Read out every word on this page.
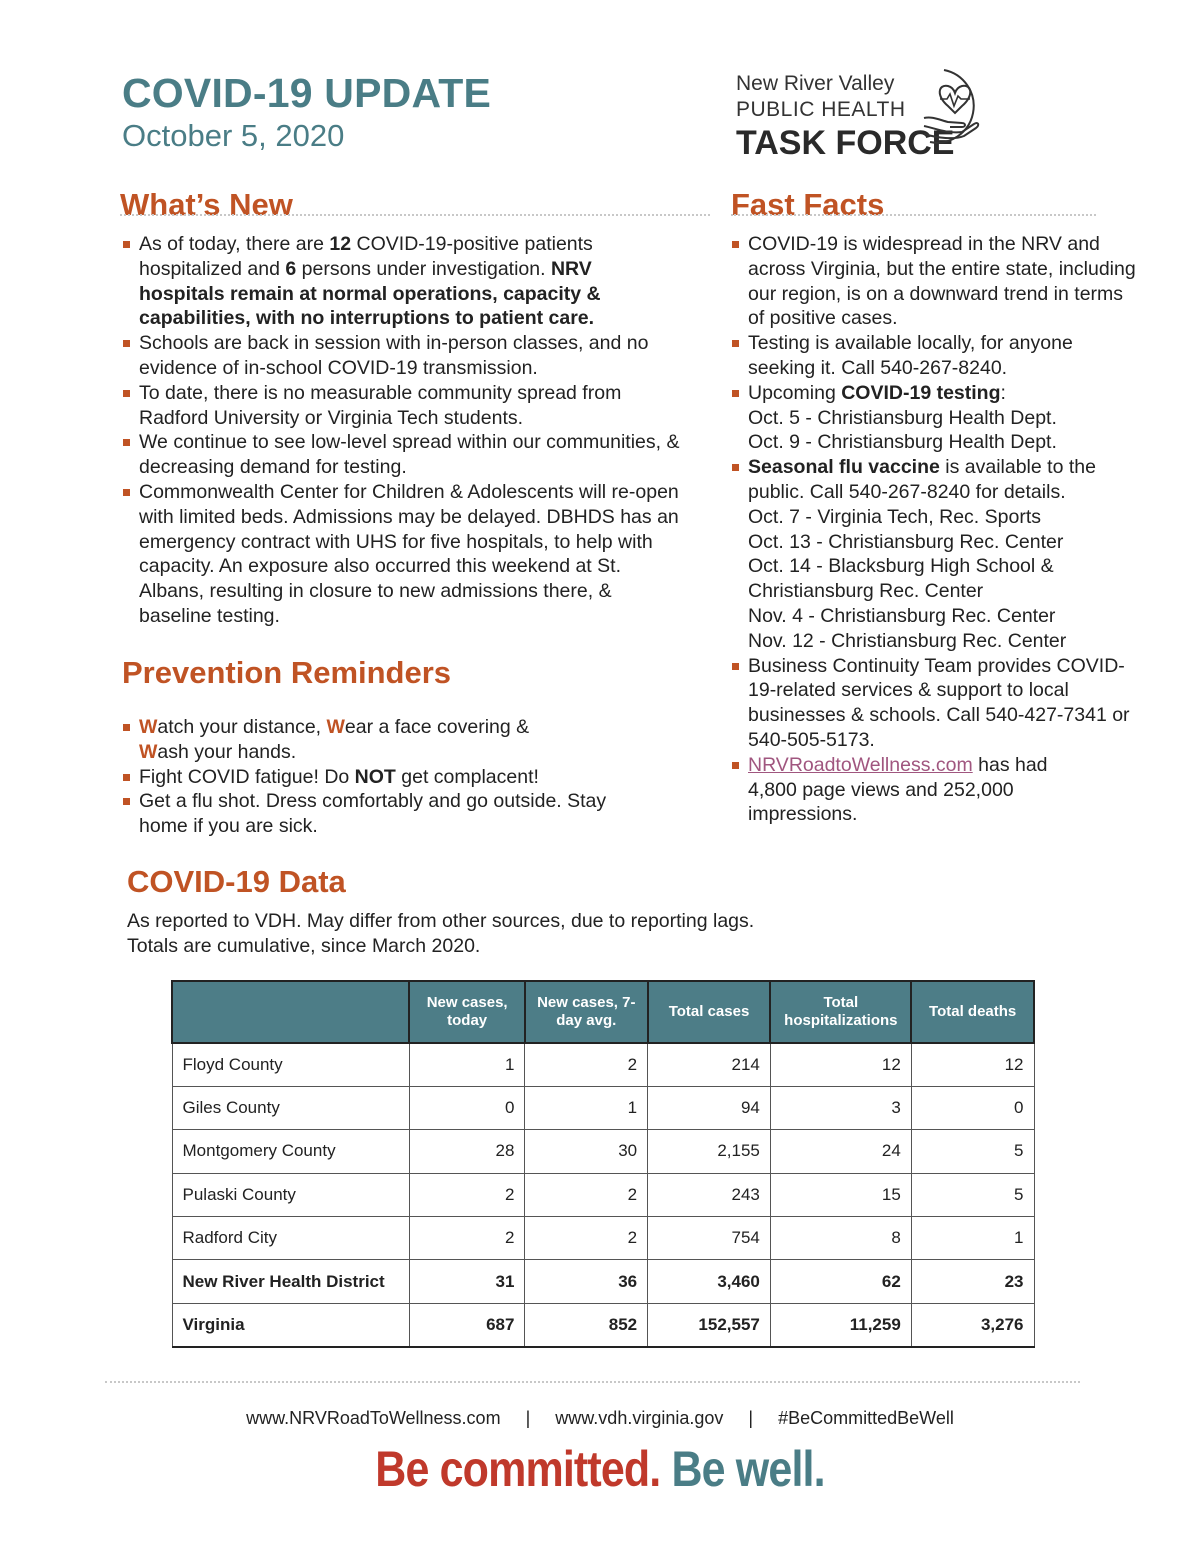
COVID-19 UPDATE
October 5, 2020
New River Valley
PUBLIC HEALTH
TASK FORCE
What’s New
As of today, there are 12 COVID-19-positive patients hospitalized and 6 persons under investigation. NRV hospitals remain at normal operations, capacity & capabilities, with no interruptions to patient care.
Schools are back in session with in-person classes, and no evidence of in-school COVID-19 transmission.
To date, there is no measurable community spread from Radford University or Virginia Tech students.
We continue to see low-level spread within our communities, & decreasing demand for testing.
Commonwealth Center for Children & Adolescents will re-open with limited beds. Admissions may be delayed. DBHDS has an emergency contract with UHS for five hospitals, to help with capacity. An exposure also occurred this weekend at St. Albans, resulting in closure to new admissions there, & baseline testing.
Prevention Reminders
Watch your distance, Wear a face covering &
Wash your hands.
Fight COVID fatigue! Do NOT get complacent!
Get a flu shot. Dress comfortably and go outside. Stay home if you are sick.
Fast Facts
COVID-19 is widespread in the NRV and across Virginia, but the entire state, including our region, is on a downward trend in terms of positive cases.
Testing is available locally, for anyone seeking it. Call 540-267-8240.
Upcoming COVID-19 testing:
Oct. 5 - Christiansburg Health Dept.
Oct. 9 - Christiansburg Health Dept.
Seasonal flu vaccine is available to the public. Call 540-267-8240 for details.
Oct. 7 - Virginia Tech, Rec. Sports
Oct. 13 - Christiansburg Rec. Center
Oct. 14 - Blacksburg High School & Christiansburg Rec. Center
Nov. 4 - Christiansburg Rec. Center
Nov. 12 - Christiansburg Rec. Center
Business Continuity Team provides COVID-19-related services & support to local businesses & schools. Call 540-427-7341 or 540-505-5173.
NRVRoadtoWellness.com has had 4,800 page views and 252,000 impressions.
COVID-19 Data
As reported to VDH. May differ from other sources, due to reporting lags.
Totals are cumulative, since March 2020.
	New cases, today	New cases, 7-day avg.	Total cases	Total hospitalizations	Total deaths
Floyd County	1	2	214	12	12
Giles County	0	1	94	3	0
Montgomery County	28	30	2,155	24	5
Pulaski County	2	2	243	15	5
Radford City	2	2	754	8	1
New River Health District	31	36	3,460	62	23
Virginia	687	852	152,557	11,259	3,276
www.NRVRoadToWellness.com | www.vdh.virginia.gov | #BeCommittedBeWell
Be committed. Be well.
